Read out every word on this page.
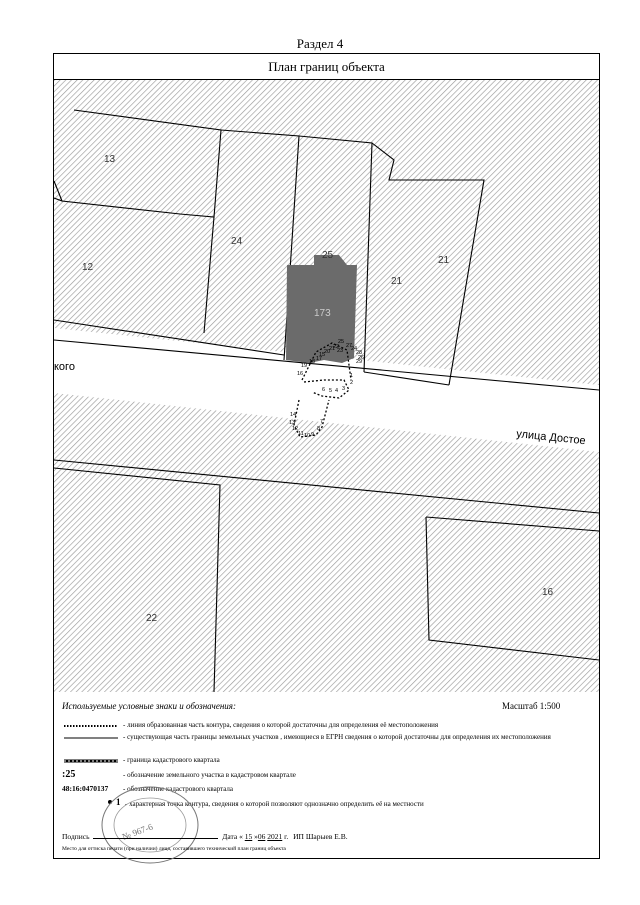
Раздел 4
План границ объекта
13
24
25
12
21
21
16
22
173
кого
улица Достое
25
28
27
29
19
18 17
16	1
2
3
4
5
6
7
8
9
10
11
12
13
14
15
20
21
22
23 24
26
Используемые условные знаки и обозначения:	Масштаб 1:500
- линия образованная часть контура, сведения о которой достаточны для определения её местоположения
- существующая часть границы земельных участков , имеющиеся в ЕГРН сведения о которой достаточны для определения их местоположения
- граница кадастрового квартала
:25	- обозначение земельного участка в кадастровом квартале
48:16:0470137 - обозначение кадастрового квартала
1 - характерная точка контура, сведения о которой позволяют однозначно определить её на местности
№ 967-6
Подпись	Дата « 15 »06 2021 г. ИП Шарыев Е.В.
Место для оттиска печати (при наличии) лица, составившего технический план границ объекта
